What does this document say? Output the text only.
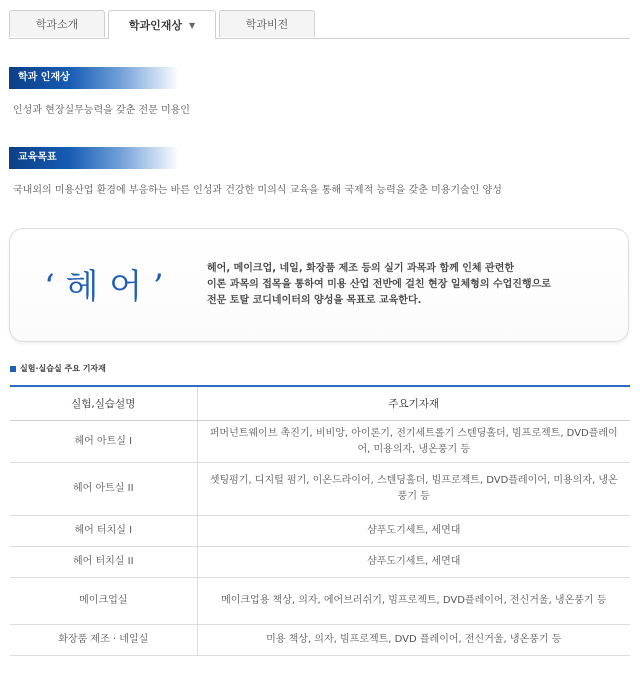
학과소개	학과인재상 ▼	학과비전
학과 인재상
인성과 현장실무능력을 갖춘 전문 미용인
교육목표
국내외의 미용산업 환경에 부응하는 바른 인성과 건강한 미의식 교육을 통해 국제적 능력을 갖춘 미용기술인 양성
‘ 헤 어 ’	헤어, 메이크업, 네일, 화장품 제조 등의 실기 과목과 함께 인체 관련한
이론 과목의 접목을 통하여 미용 산업 전반에 걸친 현장 일체형의 수업진행으로
전문 토탈 코디네이터의 양성을 목표로 교육한다.
실험·실습실 주요 기자재
실험,실습설명	주요기자재
헤어 아트실 I	퍼머넌트웨이브 촉진기, 비비앙, 아이론기, 전기세트롤기 스텐딩홀더, 빔프로젝트, DVD플레이어, 미용의자, 냉온풍기 등
헤어 아트실 II	셋팅펌기, 디지털 펌기, 이온드라이어, 스텐딩홀더, 빔프로젝트, DVD플레이어, 미용의자, 냉온풍기 등
헤어 터치실 I	샴푸도기세트, 세면대
헤어 터치실 II	샴푸도기세트, 세면대
메이크업실	메이크업용 책상, 의자, 에어브러쉬기, 빔프로젝트, DVD플레이어, 전신거울, 냉온풍기 등
화장품 제조 · 네일실	미용 책상, 의자, 빔프로젝트, DVD 플레이어, 전신거울, 냉온풍기 등
